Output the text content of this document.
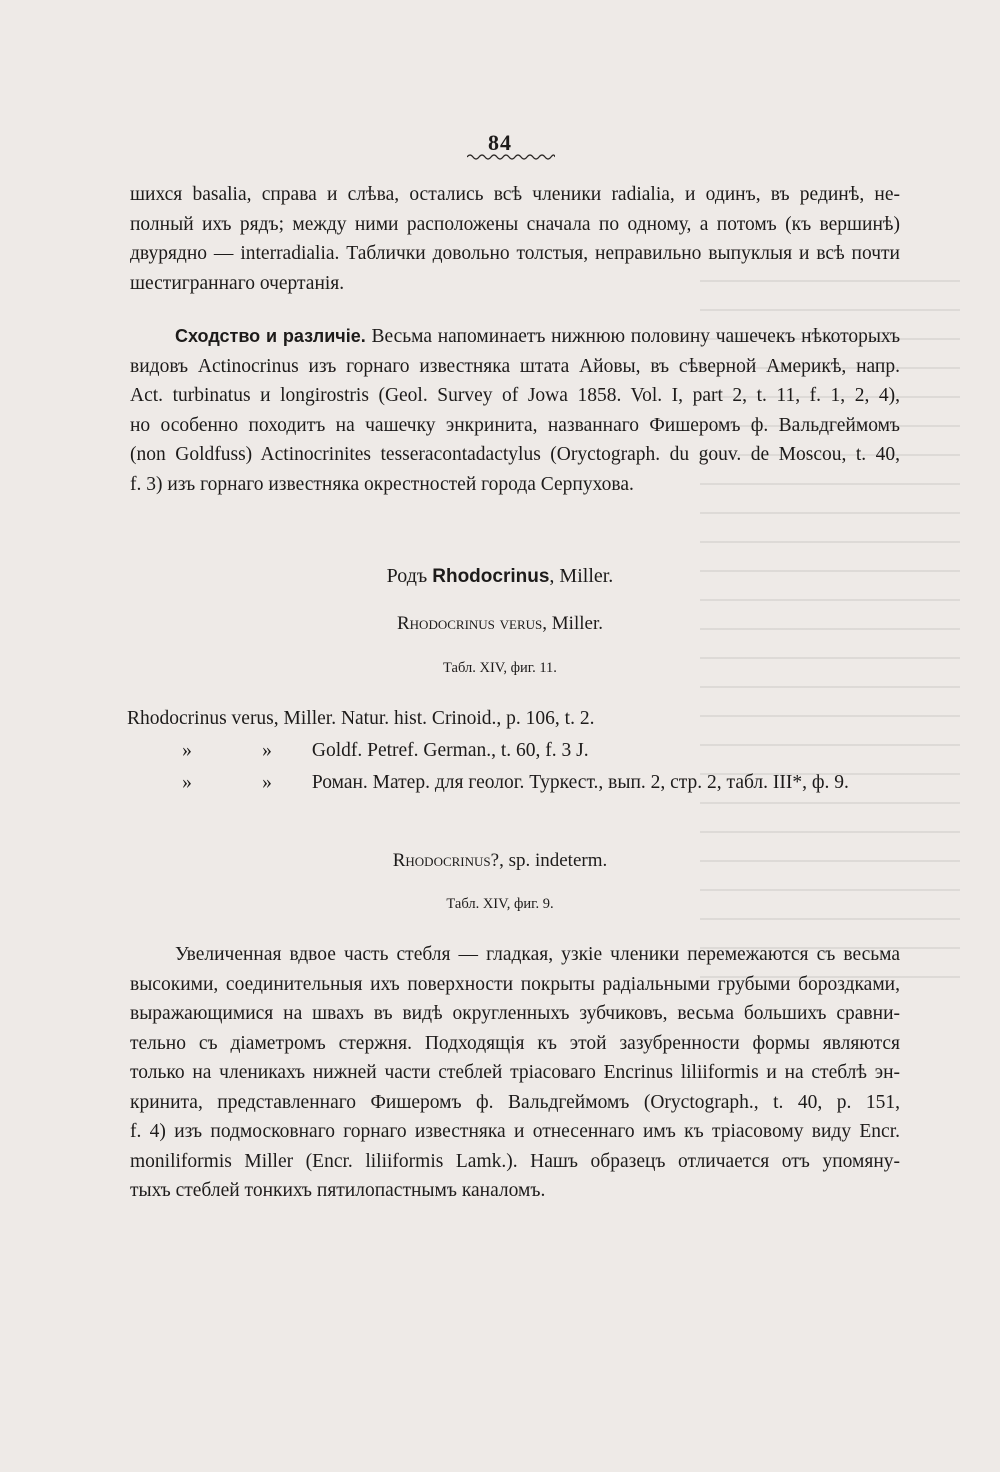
84
шихся basalia, справа и слѣва, остались всѣ членики radialia, и одинъ, въ рединѣ, не-
полный ихъ рядъ; между ними расположены сначала по одному, а потомъ (къ вершинѣ)
двурядно — interradialia. Таблички довольно толстыя, неправильно выпуклыя и всѣ почти
шестиграннаго очертанія.
Сходство и различіе. Весьма напоминаетъ нижнюю половину чашечекъ нѣкоторыхъ
видовъ Actinocrinus изъ горнаго известняка штата Айовы, въ сѣверной Америкѣ, напр.
Act. turbinatus и longirostris (Geol. Survey of Jowa 1858. Vol. I, part 2, t. 11, f. 1, 2, 4),
но особенно походитъ на чашечку энкринита, названнаго Фишеромъ ф. Вальдгеймомъ
(non Goldfuss) Actinocrinites tesseracontadactylus (Oryctograph. du gouv. de Moscou, t. 40,
f. 3) изъ горнаго известняка окрестностей города Серпухова.
Родъ Rhodocrinus, Miller.
Rhodocrinus verus, Miller.
Табл. XIV, фиг. 11.
Rhodocrinus verus, Miller. Natur. hist. Crinoid., p. 106, t. 2.
»	» Goldf. Petref. German., t. 60, f. 3 J.
»	» Роман. Матер. для геолог. Туркест., вып. 2, стр. 2, табл. III*, ф. 9.
Rhodocrinus?, sp. indeterm.
Табл. XIV, фиг. 9.
Увеличенная вдвое часть стебля — гладкая, узкіе членики перемежаются съ весьма
высокими, соединительныя ихъ поверхности покрыты радіальными грубыми бороздками,
выражающимися на швахъ въ видѣ округленныхъ зубчиковъ, весьма большихъ сравни-
тельно съ діаметромъ стержня. Подходящія къ этой зазубренности формы являются
только на членикахъ нижней части стеблей тріасоваго Encrinus liliiformis и на стеблѣ эн-
кринита, представленнаго Фишеромъ ф. Вальдгеймомъ (Oryctograph., t. 40, p. 151,
f. 4) изъ подмосковнаго горнаго известняка и отнесеннаго имъ къ тріасовому виду Encr.
moniliformis Miller (Encr. liliiformis Lamk.). Нашъ образецъ отличается отъ упомяну-
тыхъ стеблей тонкихъ пятилопастнымъ каналомъ.
